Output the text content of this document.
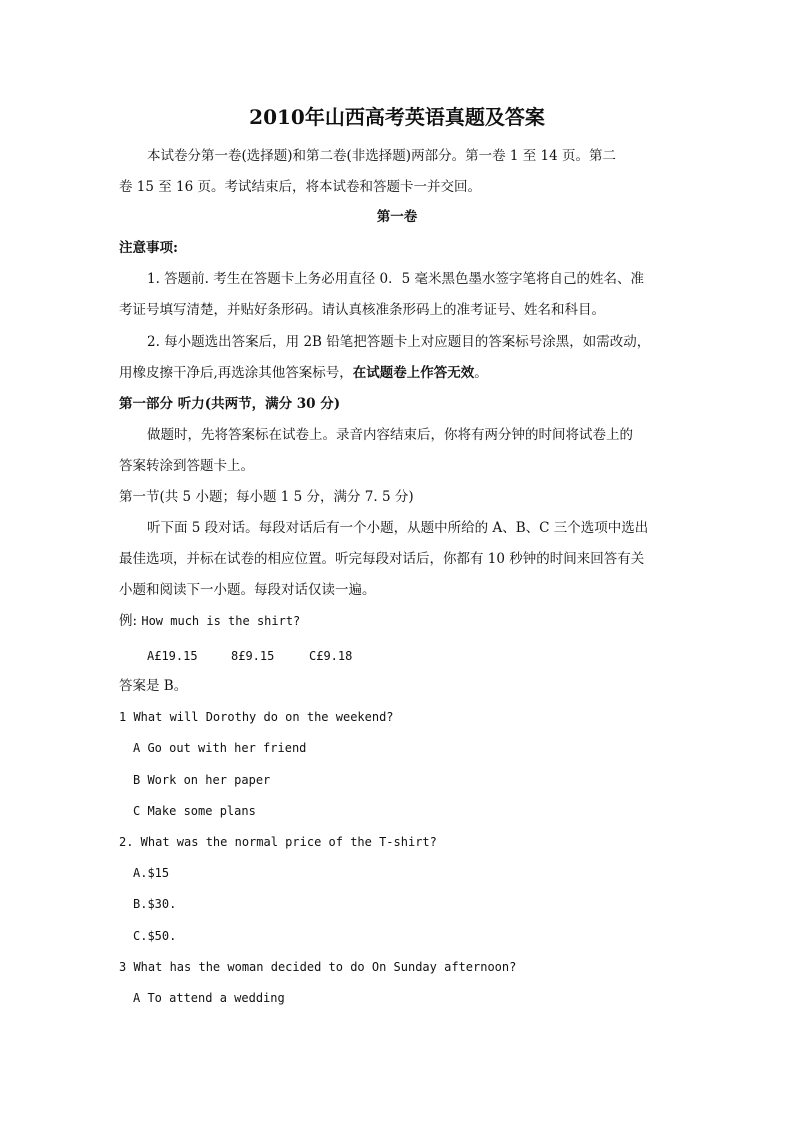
2010年山西高考英语真题及答案
本试卷分第一卷(选择题)和第二卷(非选择题)两部分。第一卷 1 至 14 页。第二
卷 15 至 16 页。考试结束后，将本试卷和答题卡一并交回。
第一卷
注意事项:
1. 答题前. 考生在答题卡上务必用直径 0．5 毫米黑色墨水签字笔将自己的姓名、准
考证号填写清楚，并贴好条形码。请认真核准条形码上的准考证号、姓名和科目。
2. 每小题选出答案后，用 2B 铅笔把答题卡上对应题目的答案标号涂黑，如需改动，
用橡皮擦干净后,再选涂其他答案标号，在试题卷上作答无效。
第一部分 听力(共两节，满分 30 分)
做题时，先将答案标在试卷上。录音内容结束后，你将有两分钟的时间将试卷上的
答案转涂到答题卡上。
第一节(共 5 小题；每小题 1 5 分，满分 7. 5 分)
听下面 5 段对话。每段对话后有一个小题，从题中所给的 A、B、C 三个选项中选出
最佳选项，并标在试卷的相应位置。听完每段对话后，你都有 10 秒钟的时间来回答有关
小题和阅读下一小题。每段对话仅读一遍。
例: How much is the shirt?
A£19.15	8£9.15	C£9.18
答案是 B。
1 What will Dorothy do on the weekend?
A Go out with her friend
B Work on her paper
C Make some plans
2. What was the normal price of the T-shirt?
A.$15
B.$30.
C.$50.
3 What has the woman decided to do On Sunday afternoon?
A To attend a wedding
